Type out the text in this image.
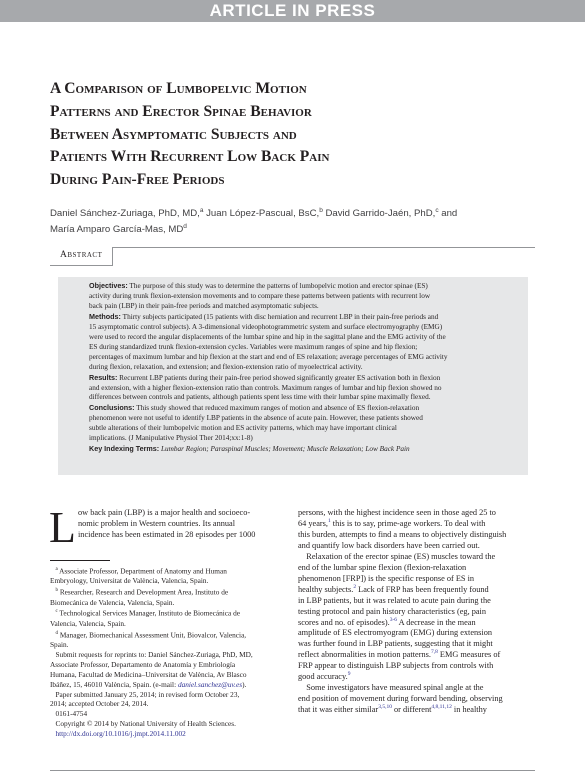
ARTICLE IN PRESS
A Comparison of Lumbopelvic Motion
Patterns and Erector Spinae Behavior
Between Asymptomatic Subjects and
Patients With Recurrent Low Back Pain
During Pain-Free Periods
Daniel Sánchez-Zuriaga, PhD, MD,$^a$ Juan López-Pascual, BsC,$^b$ David Garrido-Jaén, PhD,$^c$ and
María Amparo García-Mas, $MD^d$
Abstract
Objectives: The purpose of this study was to determine the patterns of lumbopelvic motion and erector spinae (ES)
activity during trunk flexion-extension movements and to compare these patterns between patients with recurrent low
back pain (LBP) in their pain-free periods and matched asymptomatic subjects.
Methods: Thirty subjects participated (15 patients with disc herniation and recurrent LBP in their pain-free periods and
15 asymptomatic control subjects). A 3-dimensional videophotogrammetric system and surface electromyography (EMG)
were used to record the angular displacements of the lumbar spine and hip in the sagittal plane and the EMG activity of the
ES during standardized trunk flexion-extension cycles. Variables were maximum ranges of spine and hip flexion;
percentages of maximum lumbar and hip flexion at the start and end of ES relaxation; average percentages of EMG activity
during flexion, relaxation, and extension; and flexion-extension ratio of myoelectrical activity.
Results: Recurrent LBP patients during their pain-free period showed significantly greater ES activation both in flexion
and extension, with a higher flexion-extension ratio than controls. Maximum ranges of lumbar and hip flexion showed no
differences between controls and patients, although patients spent less time with their lumbar spine maximally flexed.
Conclusions: This study showed that reduced maximum ranges of motion and absence of ES flexion-relaxation
phenomenon were not useful to identify LBP patients in the absence of acute pain. However, these patients showed
subtle alterations of their lumbopelvic motion and ES activity patterns, which may have important clinical
implications. (J Manipulative Physiol Ther 2014;xx:1-8)
Key Indexing Terms: Lumbar Region; Paraspinal Muscles; Movement; Muscle Relaxation; Low Back Pain
L ow back pain (LBP) is a major health and socioeco-
nomic problem in Western countries. Its annual
incidence has been estimated in 28 episodes per 1000
$^a$ Associate Professor, Department of Anatomy and Human
Embryology, Universitat de València, Valencia, Spain.
$^b$ Researcher, Research and Development Area, Instituto de
Biomecánica de Valencia, Valencia, Spain.
$^c$ Technological Services Manager, Instituto de Biomecánica de
Valencia, Valencia, Spain.
$^d$ Manager, Biomechanical Assessment Unit, Biovalcor, Valencia,
Spain.
Submit requests for reprints to: Daniel Sánchez-Zuriaga, PhD, MD,
Associate Professor, Departamento de Anatomía y Embriología
Humana, Facultad de Medicina–Universitat de València, Av Blasco
Ibáñez, 15, 46010 València, Spain. (e-mail: daniel.sanchez@uv.es).
Paper submitted January 25, 2014; in revised form October 23,
2014; accepted October 24, 2014.
0161-4754
Copyright © 2014 by National University of Health Sciences.
http://dx.doi.org/10.1016/j.jmpt.2014.11.002
persons, with the highest incidence seen in those aged 25 to
64 years,$^1$ this is to say, prime-age workers. To deal with
this burden, attempts to find a means to objectively distinguish
and quantify low back disorders have been carried out.
Relaxation of the erector spinae (ES) muscles toward the
end of the lumbar spine flexion (flexion-relaxation
phenomenon [FRP]) is the specific response of ES in
healthy subjects.$^2$ Lack of FRP has been frequently found
in LBP patients, but it was related to acute pain during the
testing protocol and pain history characteristics (eg, pain
scores and no. of episodes).$^{3-6}$ A decrease in the mean
amplitude of ES electromyogram (EMG) during extension
was further found in LBP patients, suggesting that it might
reflect abnormalities in motion patterns.$^{7,8}$ EMG measures of
FRP appear to distinguish LBP subjects from controls with
good accuracy.$^9$
Some investigators have measured spinal angle at the
end position of movement during forward bending, observing
that it was either similar$^{3,5,10}$ or different$^{4,8,11,12}$ in healthy
